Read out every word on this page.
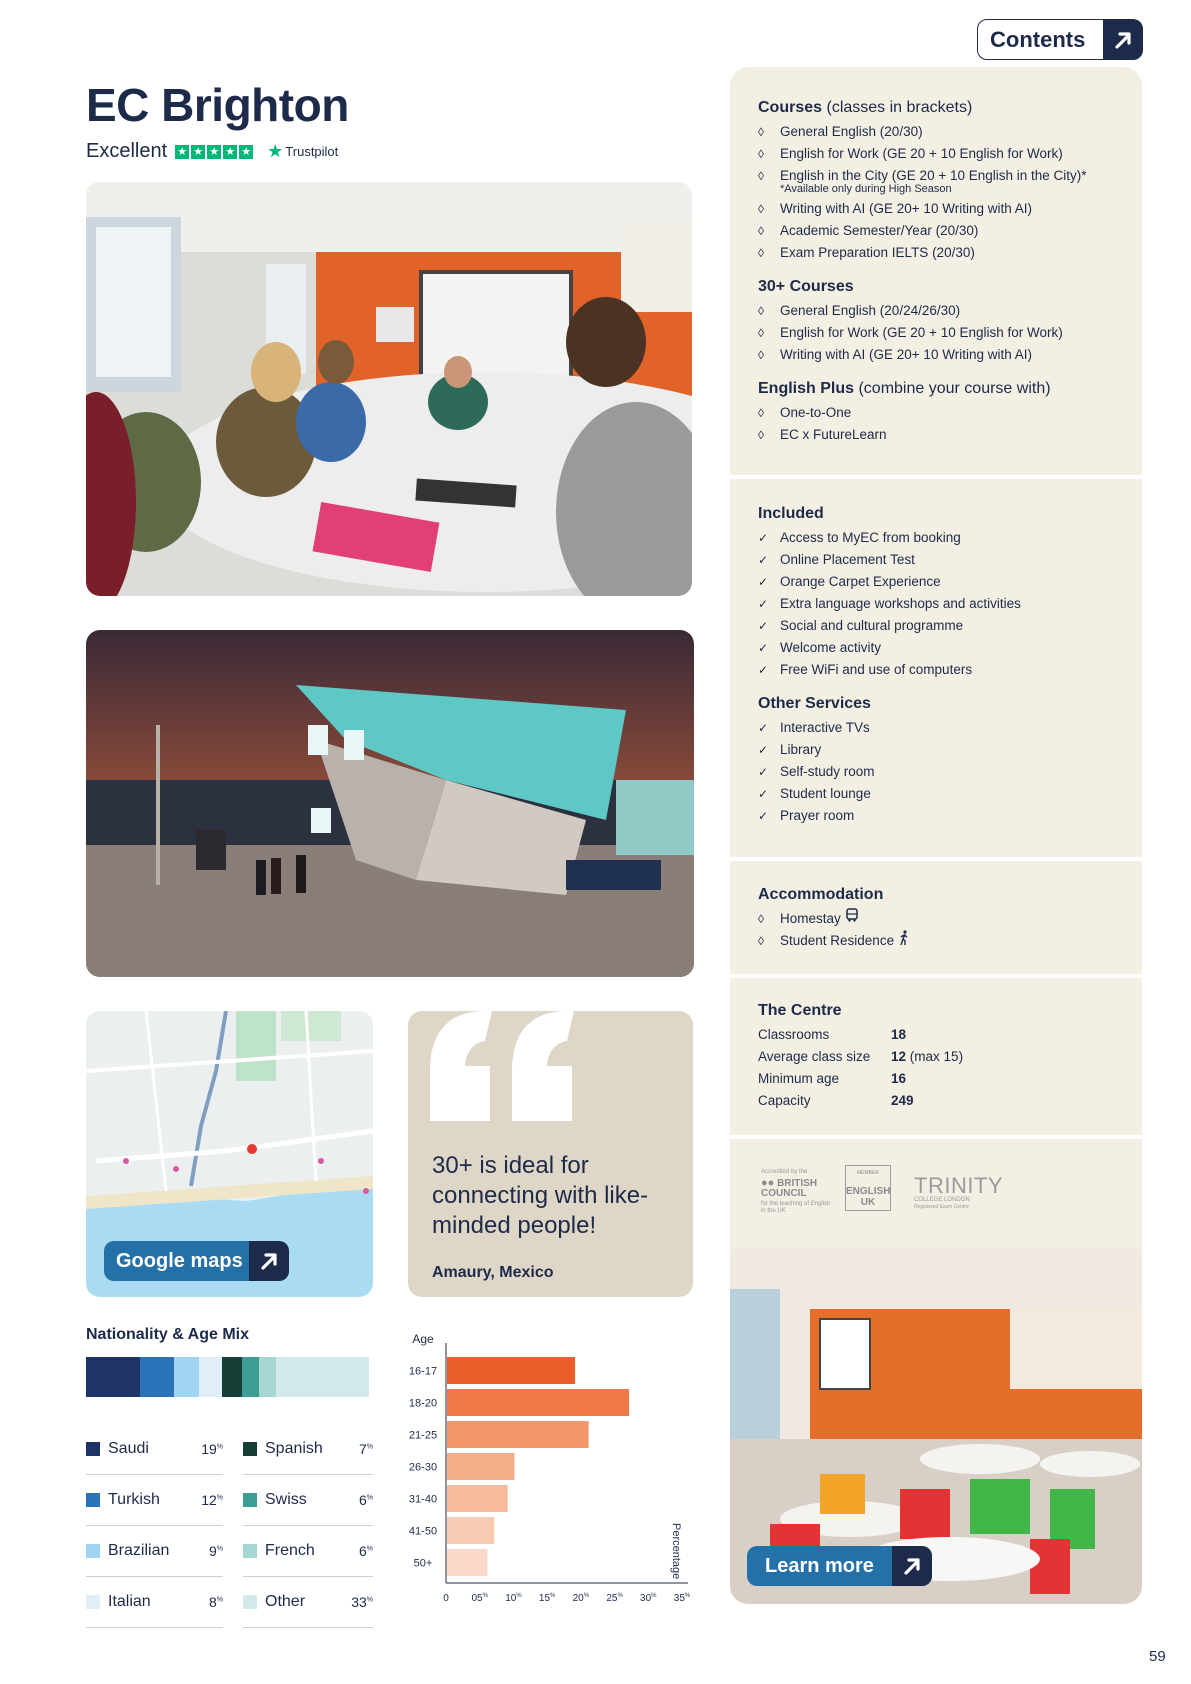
Contents
EC Brighton
Excellent ★ ★ ★ ★ ★ ★ Trustpilot
Google maps
30+ is ideal for connecting with like-minded people!
Amaury, Mexico
Nationality & Age Mix
Saudi	19%
Turkish	12%
Brazilian	9%
Italian	8%
Spanish	7%
Swiss	6%
French	6%
Other	33%
Age
16-17
18-20
21-25
26-30
31-40
41-50
50+
0 05% 10% 15% 20% 25% 30% 35%
Percentage
Courses (classes in brackets)
◊	General English (20/30)
◊	English for Work (GE 20 + 10 English for Work)
◊	English in the City (GE 20 + 10 English in the City)*
*Available only during High Season
◊	Writing with AI (GE 20+ 10 Writing with AI)
◊	Academic Semester/Year (20/30)
◊	Exam Preparation IELTS (20/30)
30+ Courses
◊	General English (20/24/26/30)
◊	English for Work (GE 20 + 10 English for Work)
◊	Writing with AI (GE 20+ 10 Writing with AI)
English Plus (combine your course with)
◊	One-to-One
◊	EC x FutureLearn
Included
✓ Access to MyEC from booking
✓ Online Placement Test
✓ Orange Carpet Experience
✓ Extra language workshops and activities
✓ Social and cultural programme
✓ Welcome activity
✓ Free WiFi and use of computers
Other Services
✓ Interactive TVs
✓ Library
✓ Self-study room
✓ Student lounge
✓ Prayer room
Accommodation
◊	Homestay

◊	Student Residence

The Centre
Classrooms	18
Average class size	12 (max 15)
Minimum age	16
Capacity	249
Accredited by the
●● BRITISH COUNCIL
for the teaching of English in the UK
MEMBER
ENGLISH UK
TRINITY
COLLEGE LONDON
Registered Exam Centre
Learn more
59
